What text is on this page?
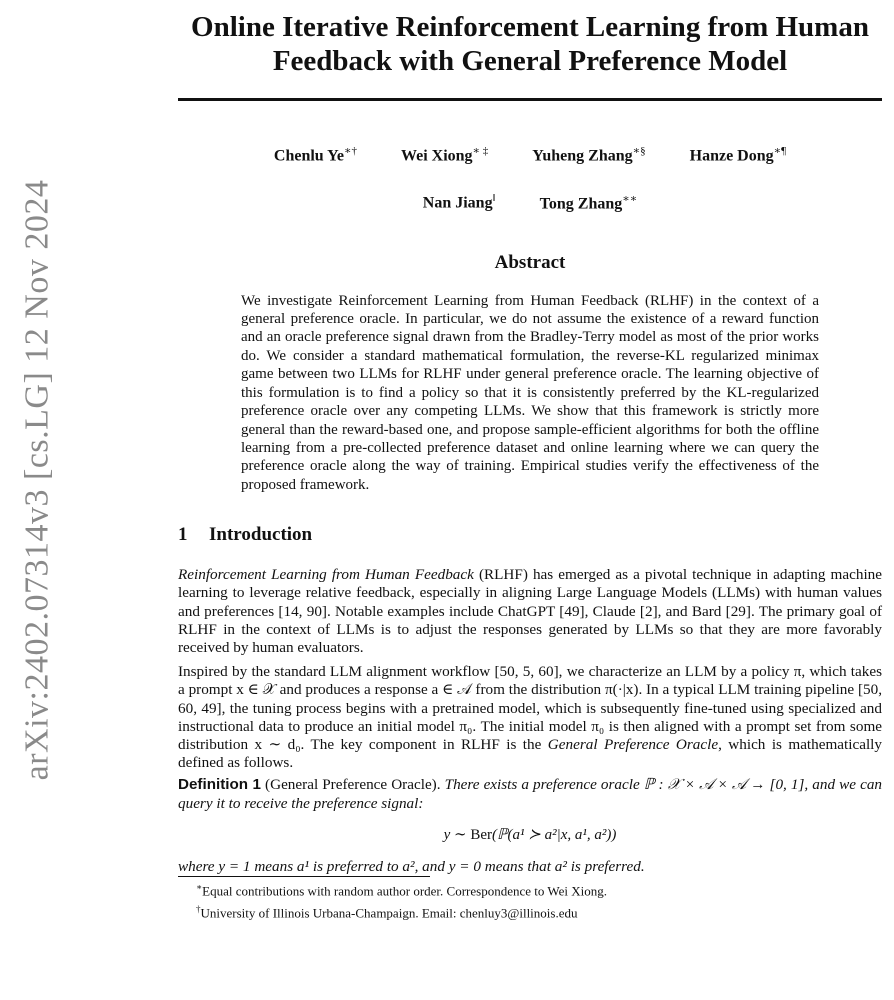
arXiv:2402.07314v3 [cs.LG] 12 Nov 2024
Online Iterative Reinforcement Learning from Human Feedback with General Preference Model
Chenlu Ye∗†	Wei Xiong∗ ‡	Yuheng Zhang∗§	Hanze Dong∗¶
Nan Jiang‖	Tong Zhang∗∗
Abstract

We investigate Reinforcement Learning from Human Feedback (RLHF) in the context of a general preference oracle. In particular, we do not assume the existence of a reward function and an oracle preference signal drawn from the Bradley-Terry model as most of the prior works do. We consider a standard mathematical formulation, the reverse-KL regularized minimax game between two LLMs for RLHF under general preference oracle. The learning objective of this formulation is to find a policy so that it is consistently preferred by the KL-regularized preference oracle over any competing LLMs. We show that this framework is strictly more general than the reward-based one, and propose sample-efficient algorithms for both the offline learning from a pre-collected preference dataset and online learning where we can query the preference oracle along the way of training. Empirical studies verify the effectiveness of the proposed framework.

1 Introduction

Reinforcement Learning from Human Feedback (RLHF) has emerged as a pivotal technique in adapting machine learning to leverage relative feedback, especially in aligning Large Language Models (LLMs) with human values and preferences [14, 90]. Notable examples include ChatGPT [49], Claude [2], and Bard [29]. The primary goal of RLHF in the context of LLMs is to adjust the responses generated by LLMs so that they are more favorably received by human evaluators.

Inspired by the standard LLM alignment workflow [50, 5, 60], we characterize an LLM by a policy π, which takes a prompt x ∈ 𝒳 and produces a response a ∈ 𝒜 from the distribution π(·|x). In a typical LLM training pipeline [50, 60, 49], the tuning process begins with a pretrained model, which is subsequently fine-tuned using specialized and instructional data to produce an initial model π₀. The initial model π₀ is then aligned with a prompt set from some distribution x ∼ d₀. The key component in RLHF is the General Preference Oracle, which is mathematically defined as follows.

Definition 1 (General Preference Oracle). There exists a preference oracle ℙ : 𝒳 × 𝒜 × 𝒜 → [0, 1], and we can query it to receive the preference signal:
y ∼ Ber(ℙ(a¹ ≻ a²|x, a¹, a²))
where y = 1 means a¹ is preferred to a², and y = 0 means that a² is preferred.
∗Equal contributions with random author order. Correspondence to Wei Xiong.
†University of Illinois Urbana-Champaign. Email: chenluy3@illinois.edu
